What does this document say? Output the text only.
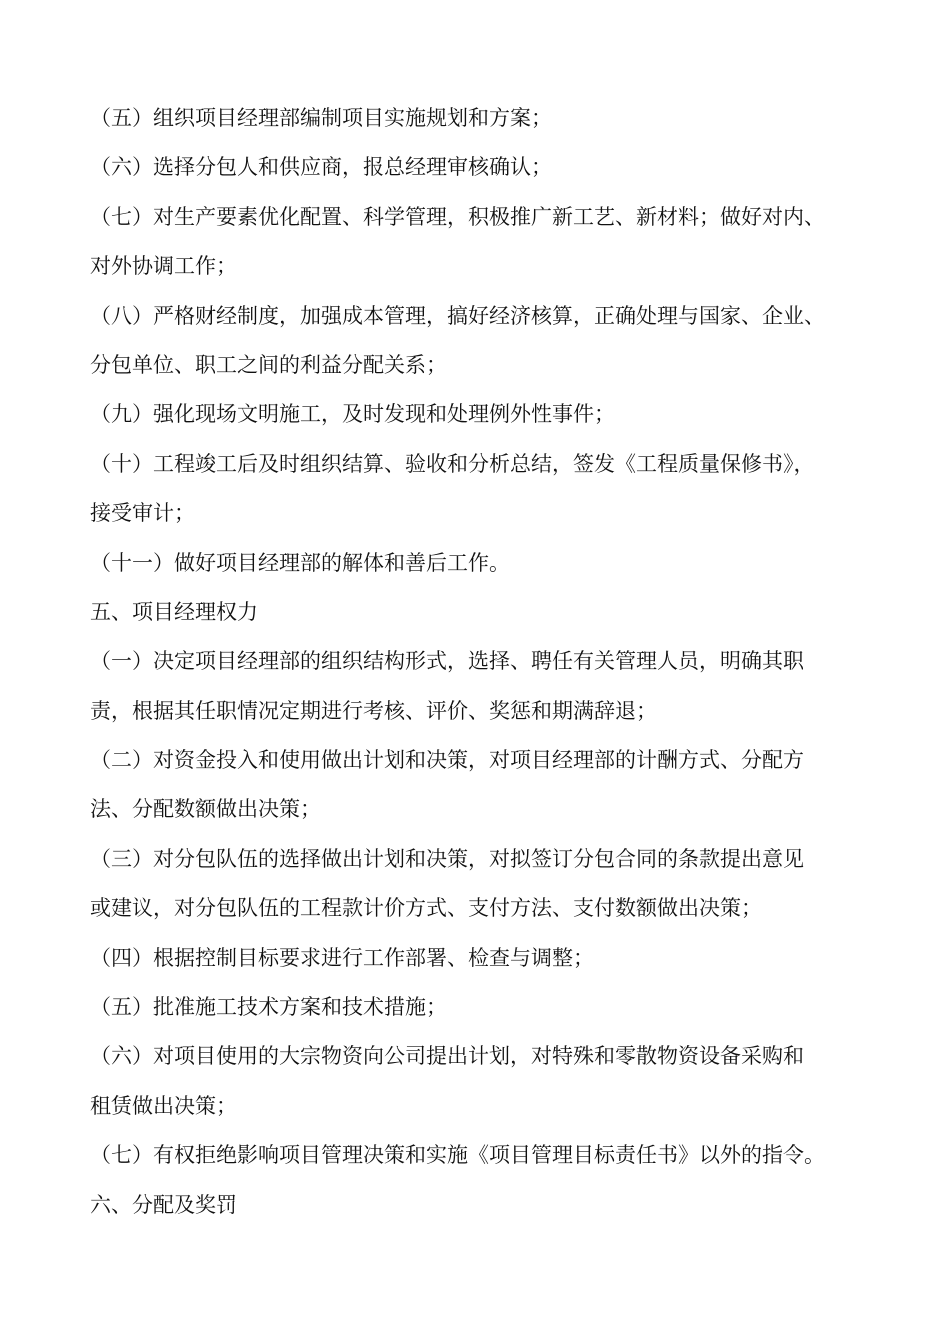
（五）组织项目经理部编制项目实施规划和方案；
（六）选择分包人和供应商，报总经理审核确认；
（七）对生产要素优化配置、科学管理，积极推广新工艺、新材料；做好对内、
对外协调工作；
（八）严格财经制度，加强成本管理，搞好经济核算，正确处理与国家、企业、
分包单位、职工之间的利益分配关系；
（九）强化现场文明施工，及时发现和处理例外性事件；
（十）工程竣工后及时组织结算、验收和分析总结，签发《工程质量保修书》，
接受审计；
（十一）做好项目经理部的解体和善后工作。
五、项目经理权力
（一）决定项目经理部的组织结构形式，选择、聘任有关管理人员，明确其职
责，根据其任职情况定期进行考核、评价、奖惩和期满辞退；
（二）对资金投入和使用做出计划和决策，对项目经理部的计酬方式、分配方
法、分配数额做出决策；
（三）对分包队伍的选择做出计划和决策，对拟签订分包合同的条款提出意见
或建议，对分包队伍的工程款计价方式、支付方法、支付数额做出决策；
（四）根据控制目标要求进行工作部署、检查与调整；
（五）批准施工技术方案和技术措施；
（六）对项目使用的大宗物资向公司提出计划，对特殊和零散物资设备采购和
租赁做出决策；
（七）有权拒绝影响项目管理决策和实施《项目管理目标责任书》以外的指令。
六、分配及奖罚
